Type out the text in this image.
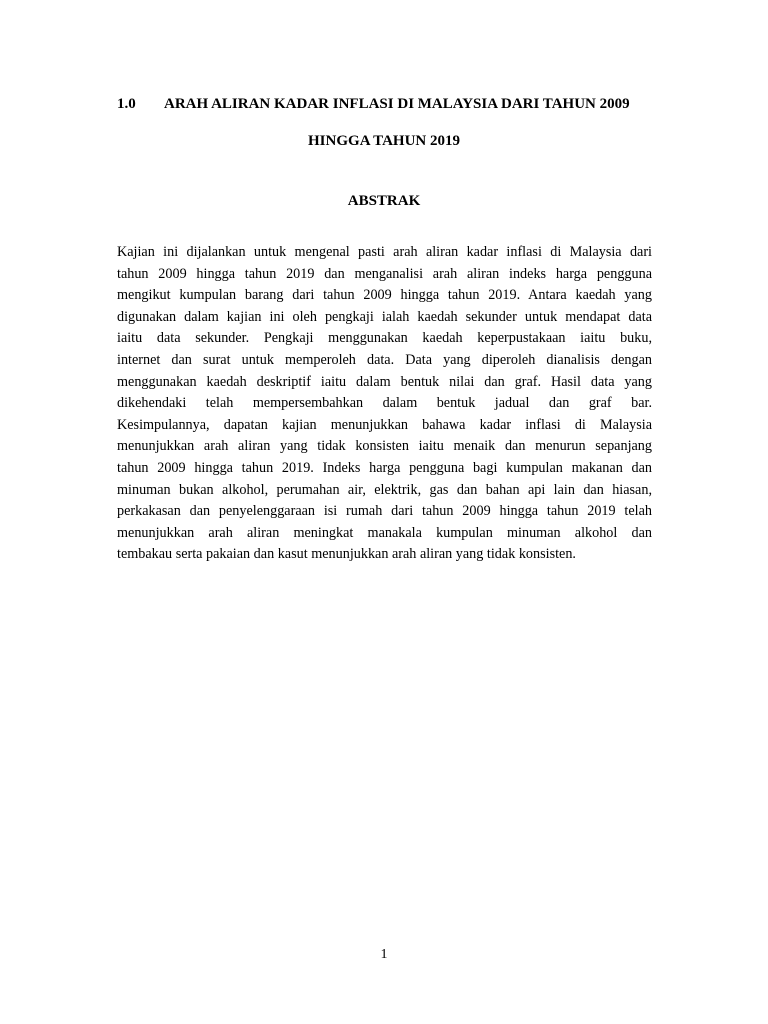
1.0 ARAH ALIRAN KADAR INFLASI DI MALAYSIA DARI TAHUN 2009
HINGGA TAHUN 2019
ABSTRAK
Kajian ini dijalankan untuk mengenal pasti arah aliran kadar inflasi di Malaysia dari
tahun 2009 hingga tahun 2019 dan menganalisi arah aliran indeks harga pengguna
mengikut kumpulan barang dari tahun 2009 hingga tahun 2019. Antara kaedah yang
digunakan dalam kajian ini oleh pengkaji ialah kaedah sekunder untuk mendapat data
iaitu data sekunder. Pengkaji menggunakan kaedah keperpustakaan iaitu buku,
internet dan surat untuk memperoleh data. Data yang diperoleh dianalisis dengan
menggunakan kaedah deskriptif iaitu dalam bentuk nilai dan graf. Hasil data yang
dikehendaki telah mempersembahkan dalam bentuk jadual dan graf bar.
Kesimpulannya, dapatan kajian menunjukkan bahawa kadar inflasi di Malaysia
menunjukkan arah aliran yang tidak konsisten iaitu menaik dan menurun sepanjang
tahun 2009 hingga tahun 2019. Indeks harga pengguna bagi kumpulan makanan dan
minuman bukan alkohol, perumahan air, elektrik, gas dan bahan api lain dan hiasan,
perkakasan dan penyelenggaraan isi rumah dari tahun 2009 hingga tahun 2019 telah
menunjukkan arah aliran meningkat manakala kumpulan minuman alkohol dan
tembakau serta pakaian dan kasut menunjukkan arah aliran yang tidak konsisten.
1
